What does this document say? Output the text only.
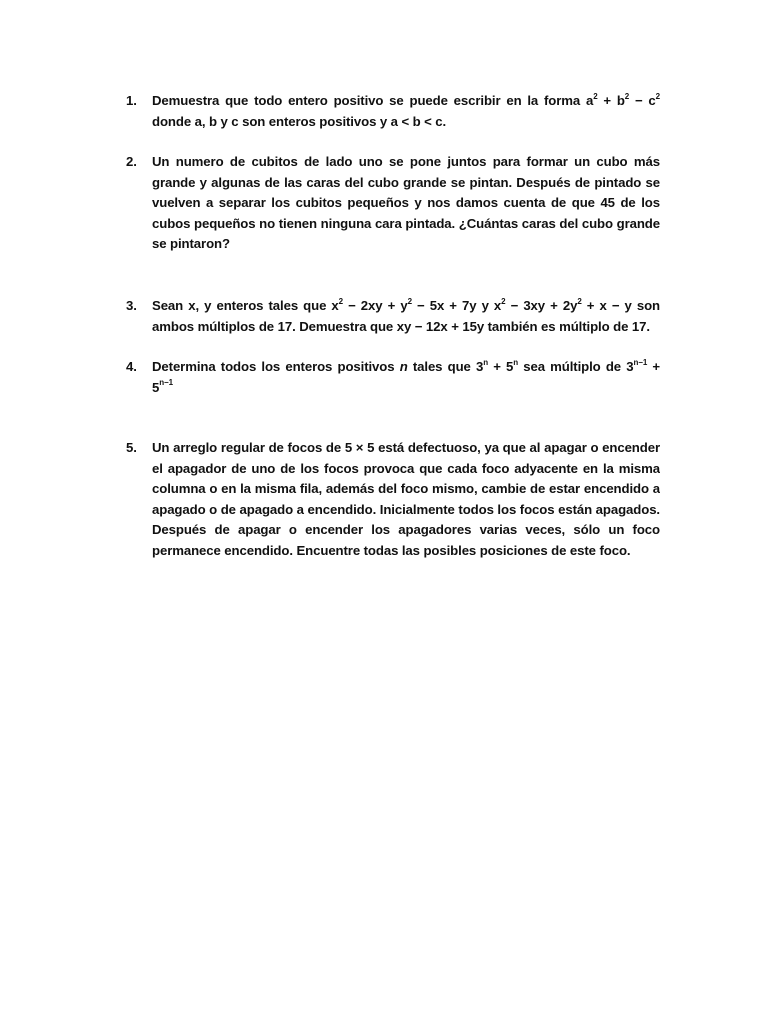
1.	Demuestra que todo entero positivo se puede escribir en la forma $a^2 + b^2 - c^2$
donde a, b y c son enteros positivos y a < b < c.
2.	Un numero de cubitos de lado uno se pone juntos para formar un cubo más
grande y algunas de las caras del cubo grande se pintan. Después de pintado se
vuelven a separar los cubitos pequeños y nos damos cuenta de que 45 de los
cubos pequeños no tienen ninguna cara pintada. ¿Cuántas caras del cubo grande
se pintaron?
3.	Sean x, y enteros tales que $x^2 - 2xy + y^2 - 5x + 7y$ y $x^2 - 3xy + 2y^2 + x - y$ son
ambos múltiplos de 17. Demuestra que xy − 12x + 15y también es múltiplo de 17.
4.	Determina todos los enteros positivos n tales que $3^n + 5^n$ sea múltiplo de $3^{n-1}$ +
$5^{n-1}$
5.	Un arreglo regular de focos de 5 × 5 está defectuoso, ya que al apagar o encender
el apagador de uno de los focos provoca que cada foco adyacente en la misma
columna o en la misma fila, además del foco mismo, cambie de estar encendido a
apagado o de apagado a encendido. Inicialmente todos los focos están apagados.
Después de apagar o encender los apagadores varias veces, sólo un foco
permanece encendido. Encuentre todas las posibles posiciones de este foco.
